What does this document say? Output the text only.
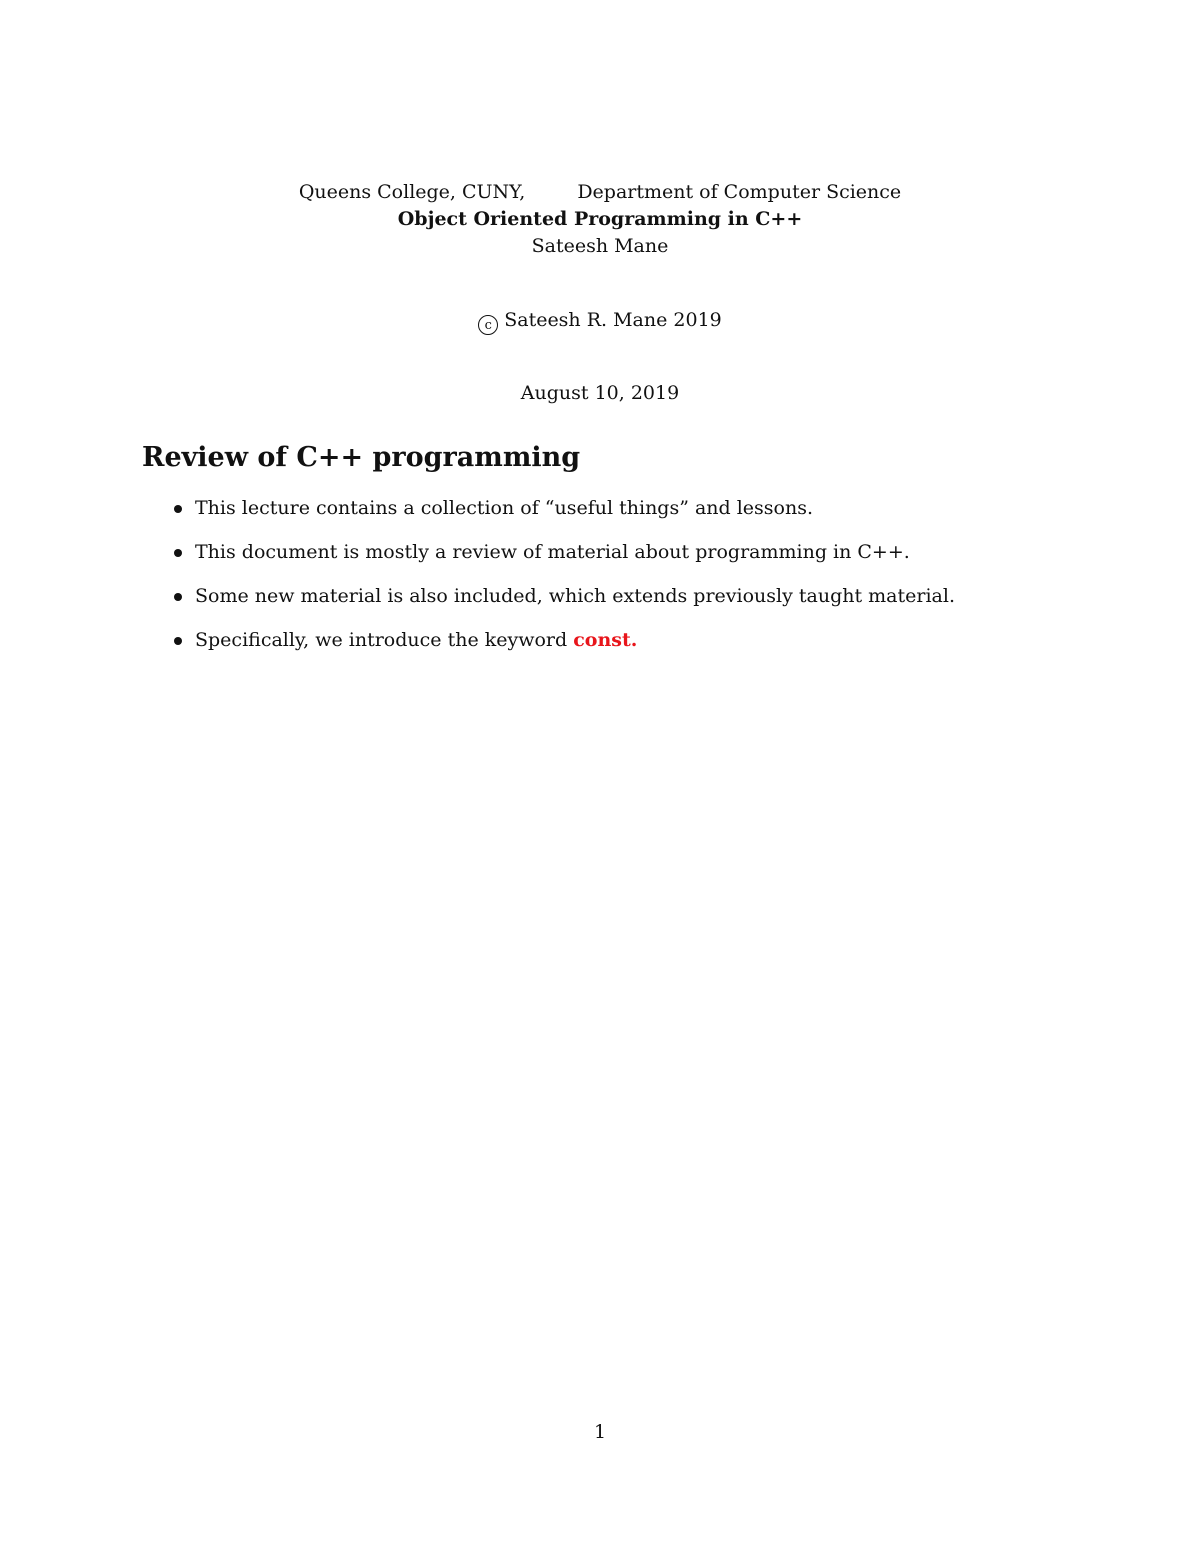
Queens College, CUNY,	Department of Computer Science
Object Oriented Programming in C++
Sateesh Mane
c Sateesh R. Mane 2019
August 10, 2019
Review of C++ programming
This lecture contains a collection of “useful things” and lessons.
This document is mostly a review of material about programming in C++.
Some new material is also included, which extends previously taught material.
Specifically, we introduce the keyword const.
1
